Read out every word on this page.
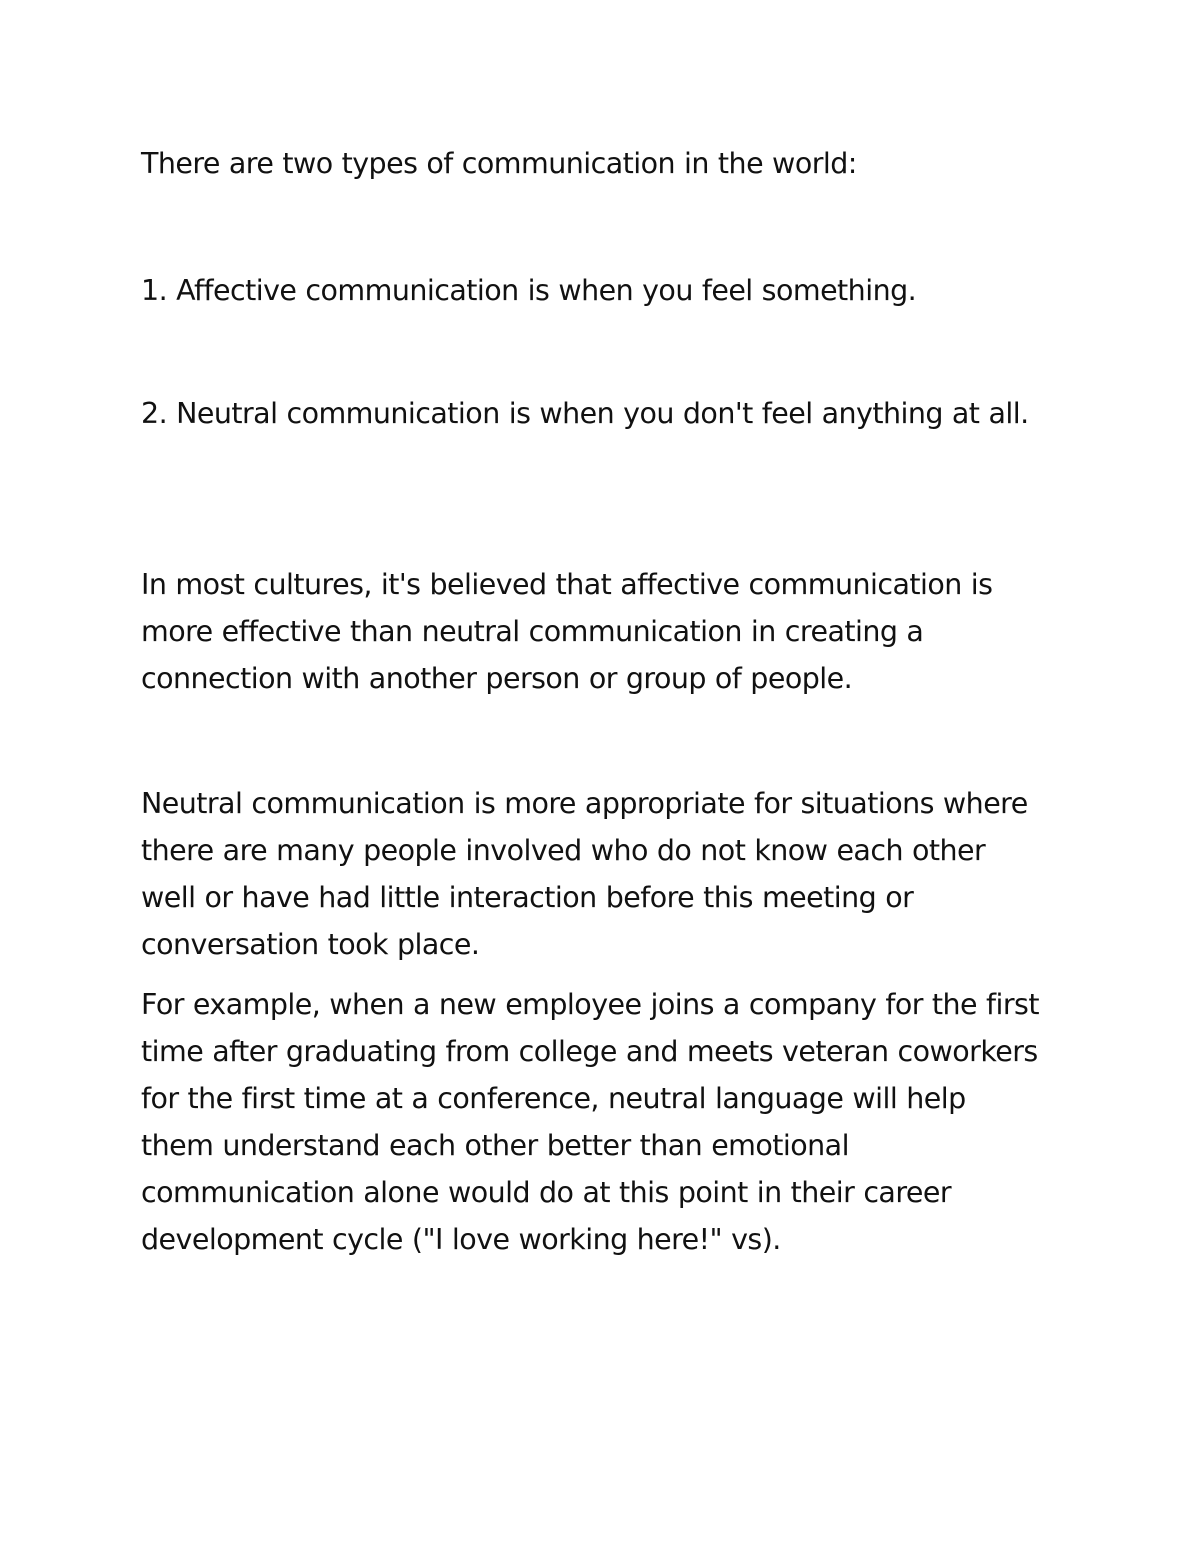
There are two types of communication in the world:

1. Affective communication is when you feel something.

2. Neutral communication is when you don't feel anything at all.

In most cultures, it's believed that affective communication is more effective than neutral communication in creating a connection with another person or group of people.

Neutral communication is more appropriate for situations where there are many people involved who do not know each other well or have had little interaction before this meeting or conversation took place.

For example, when a new employee joins a company for the first time after graduating from college and meets veteran coworkers for the first time at a conference, neutral language will help them understand each other better than emotional communication alone would do at this point in their career development cycle ("I love working here!" vs).
